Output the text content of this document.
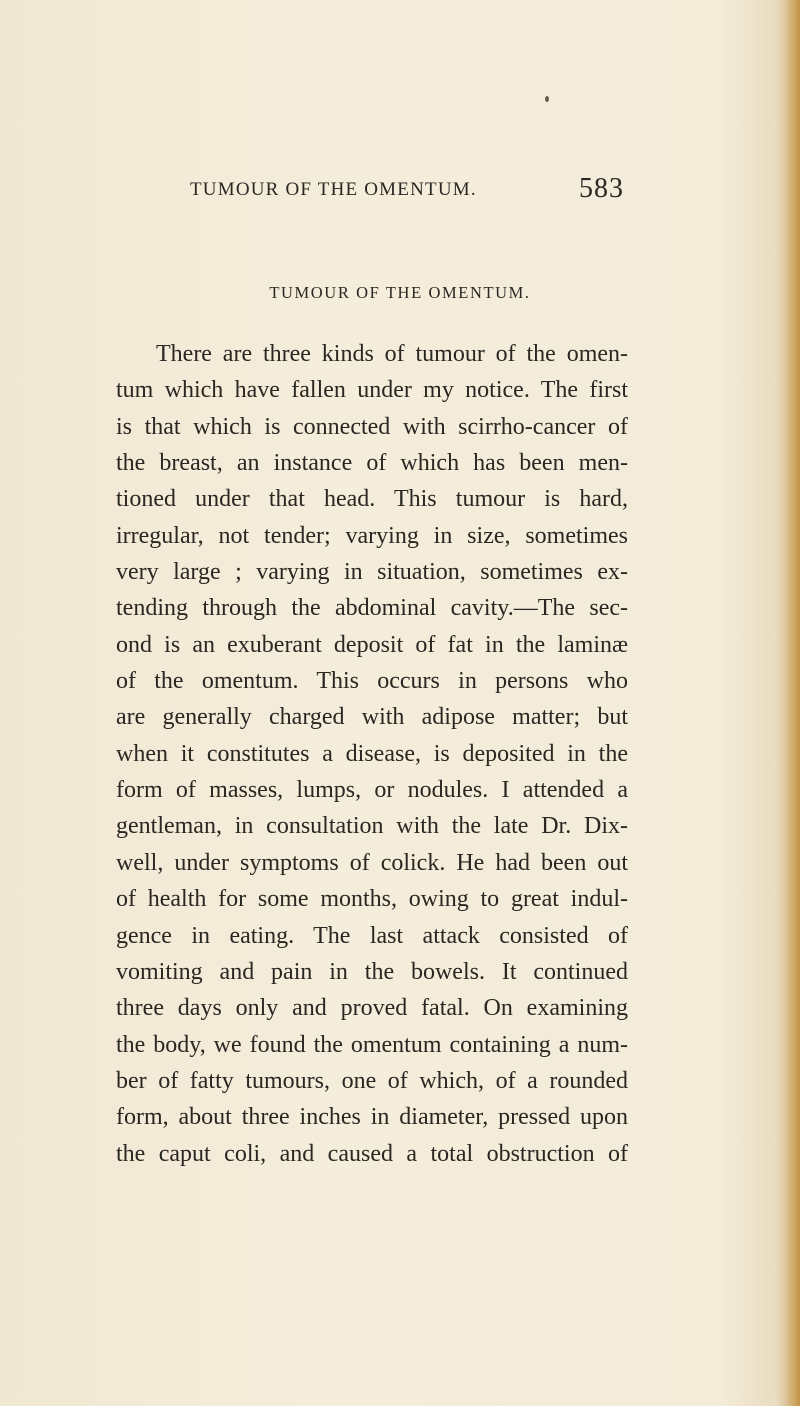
TUMOUR OF THE OMENTUM.	583
TUMOUR OF THE OMENTUM.
There are three kinds of tumour of the omen-
tum which have fallen under my notice. The first
is that which is connected with scirrho-cancer of
the breast, an instance of which has been men-
tioned under that head. This tumour is hard,
irregular, not tender; varying in size, sometimes
very large ; varying in situation, sometimes ex-
tending through the abdominal cavity.—The sec-
ond is an exuberant deposit of fat in the laminæ
of the omentum. This occurs in persons who
are generally charged with adipose matter; but
when it constitutes a disease, is deposited in the
form of masses, lumps, or nodules. I attended a
gentleman, in consultation with the late Dr. Dix-
well, under symptoms of colick. He had been out
of health for some months, owing to great indul-
gence in eating. The last attack consisted of
vomiting and pain in the bowels. It continued
three days only and proved fatal. On examining
the body, we found the omentum containing a num-
ber of fatty tumours, one of which, of a rounded
form, about three inches in diameter, pressed upon
the caput coli, and caused a total obstruction of
